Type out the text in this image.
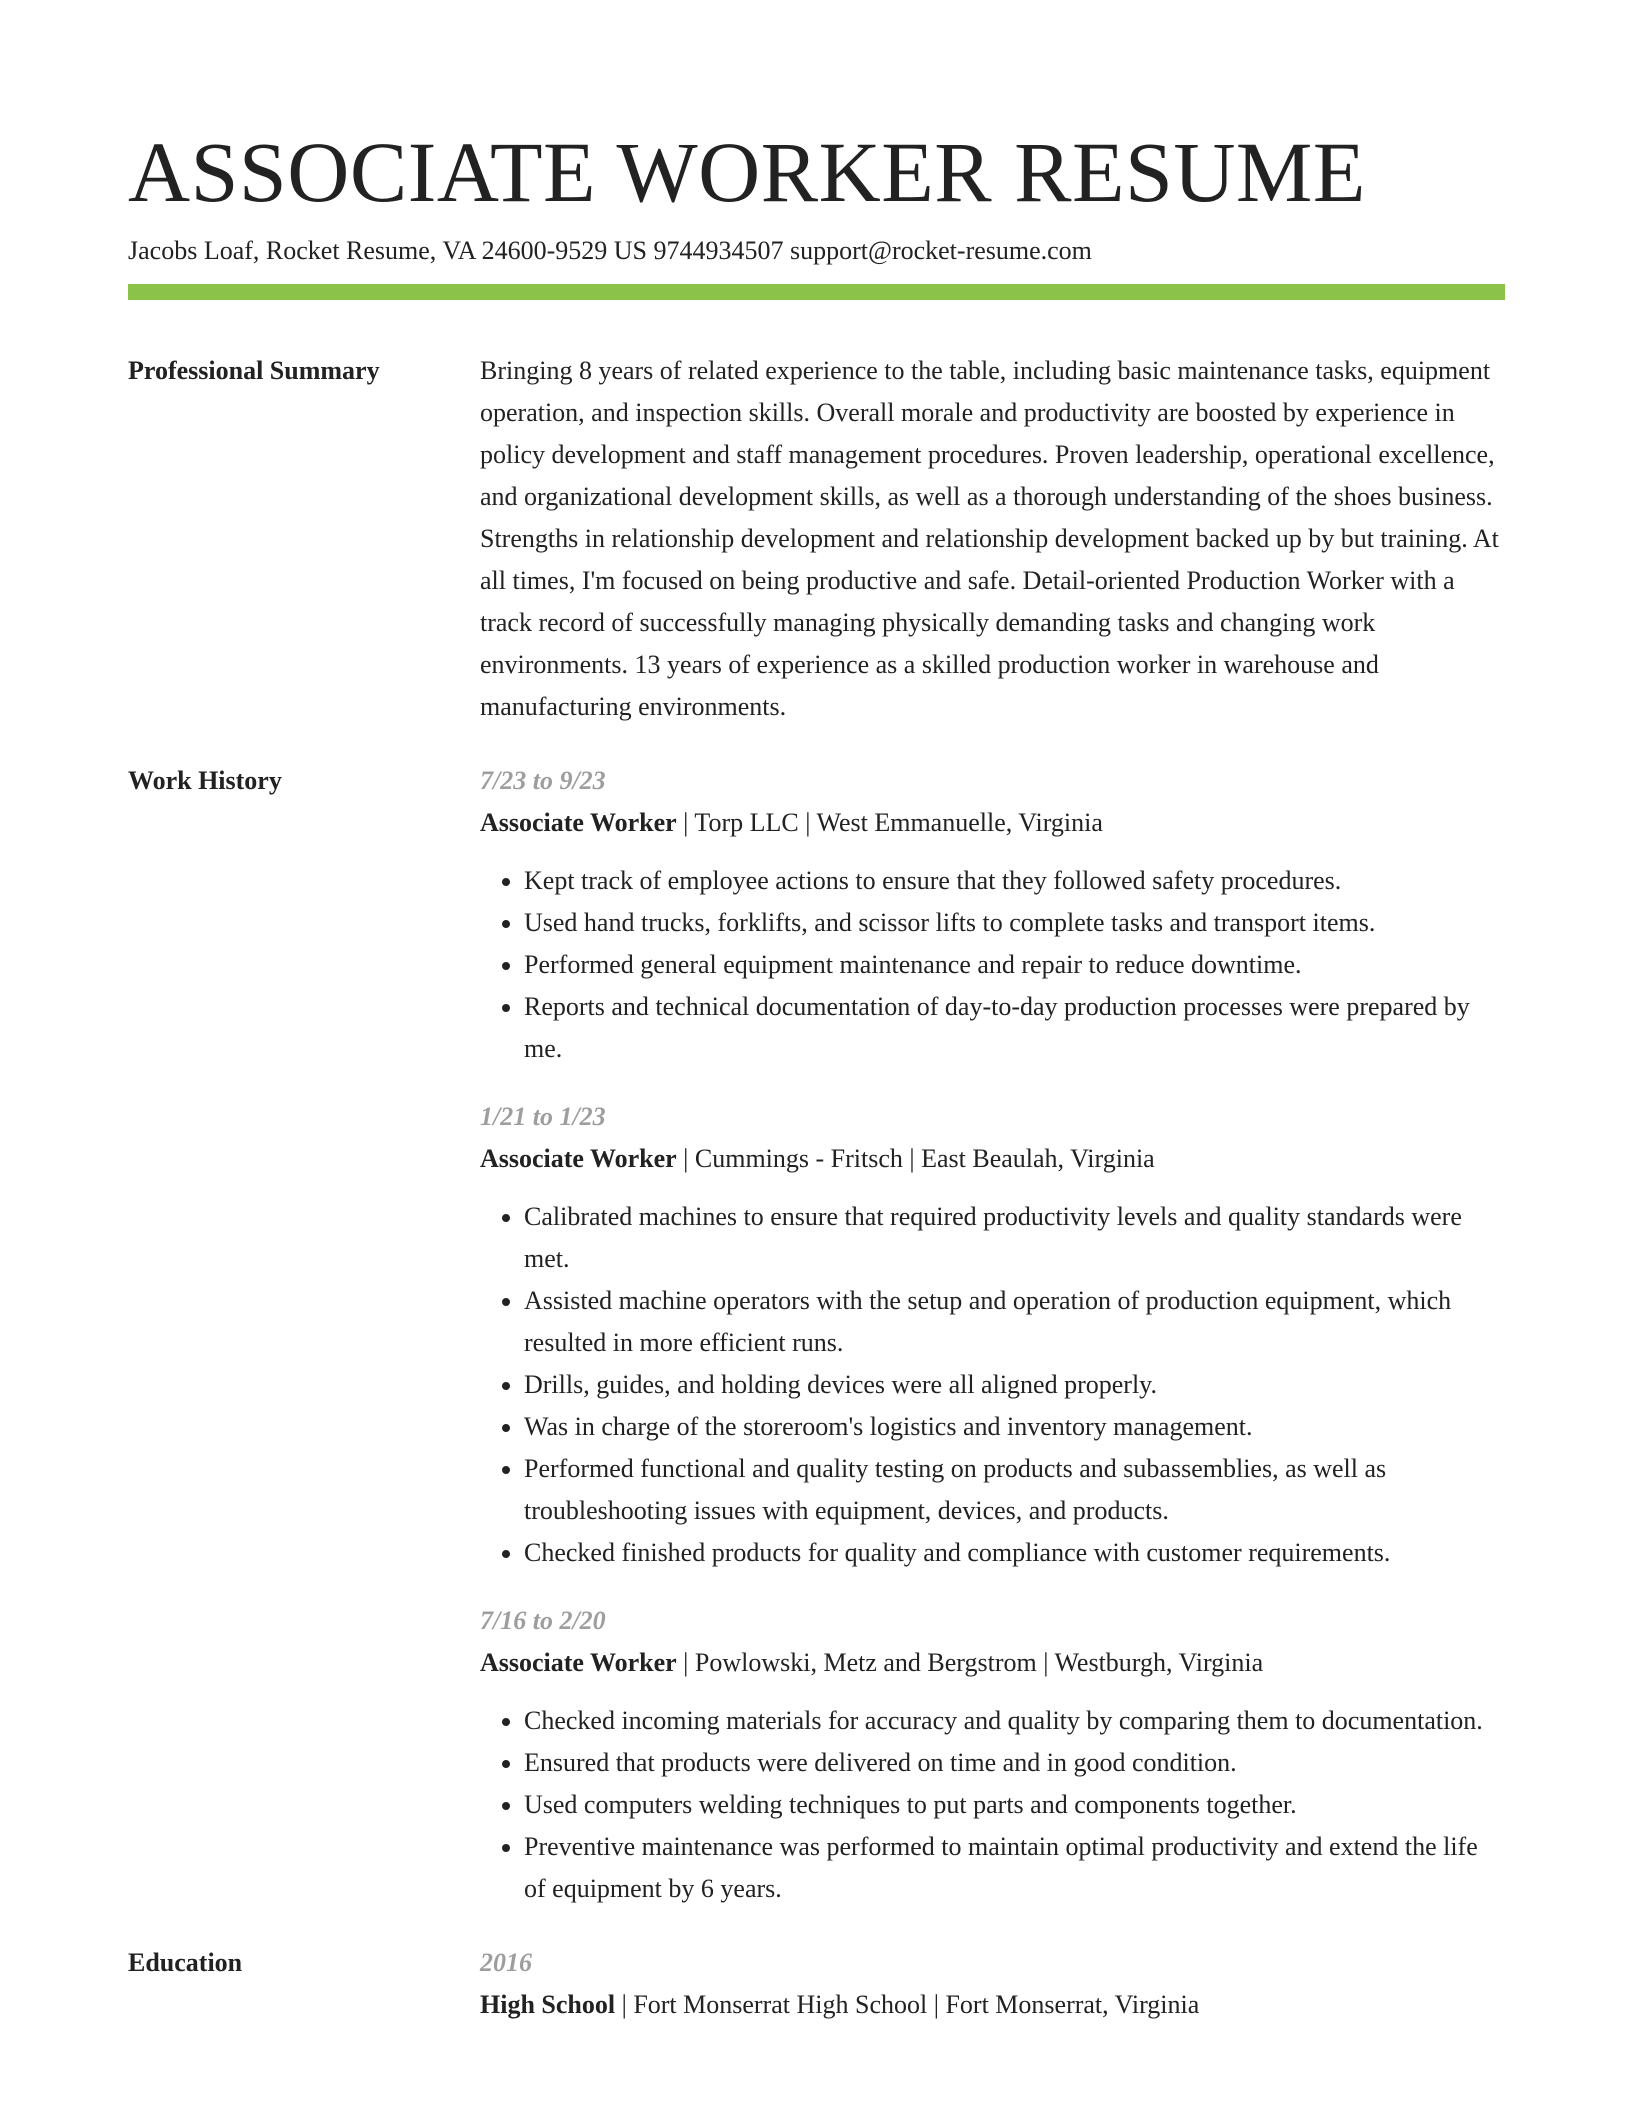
ASSOCIATE WORKER RESUME
Jacobs Loaf, Rocket Resume, VA 24600-9529 US 9744934507 support@rocket-resume.com
Professional Summary	Bringing 8 years of related experience to the table, including basic maintenance tasks, equipment operation, and inspection skills. Overall morale and productivity are boosted by experience in policy development and staff management procedures. Proven leadership, operational excellence, and organizational development skills, as well as a thorough understanding of the shoes business. Strengths in relationship development and relationship development backed up by but training. At all times, I'm focused on being productive and safe. Detail-oriented Production Worker with a track record of successfully managing physically demanding tasks and changing work environments. 13 years of experience as a skilled production worker in warehouse and manufacturing environments.

Work History	7/23 to 9/23
Associate Worker | Torp LLC | West Emmanuelle, Virginia
• Kept track of employee actions to ensure that they followed safety procedures.
• Used hand trucks, forklifts, and scissor lifts to complete tasks and transport items.
• Performed general equipment maintenance and repair to reduce downtime.
• Reports and technical documentation of day-to-day production processes were prepared by me.
1/21 to 1/23
Associate Worker | Cummings - Fritsch | East Beaulah, Virginia
• Calibrated machines to ensure that required productivity levels and quality standards were met.
• Assisted machine operators with the setup and operation of production equipment, which resulted in more efficient runs.
• Drills, guides, and holding devices were all aligned properly.
• Was in charge of the storeroom's logistics and inventory management.
• Performed functional and quality testing on products and subassemblies, as well as troubleshooting issues with equipment, devices, and products.
• Checked finished products for quality and compliance with customer requirements.
7/16 to 2/20
Associate Worker | Powlowski, Metz and Bergstrom | Westburgh, Virginia
• Checked incoming materials for accuracy and quality by comparing them to documentation.
• Ensured that products were delivered on time and in good condition.
• Used computers welding techniques to put parts and components together.
• Preventive maintenance was performed to maintain optimal productivity and extend the life of equipment by 6 years.
Education	2016
High School | Fort Monserrat High School | Fort Monserrat, Virginia
